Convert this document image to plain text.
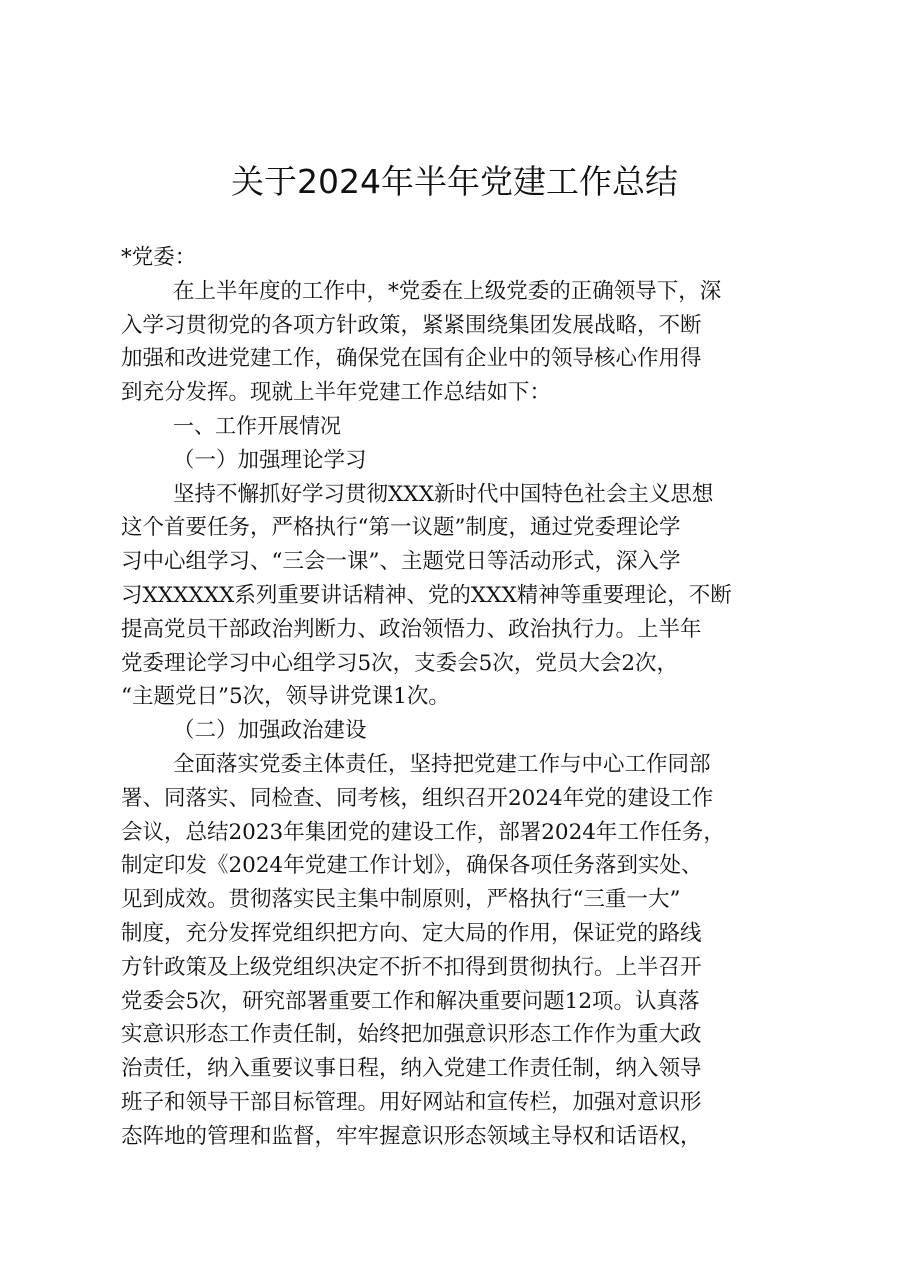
关于2024年半年党建工作总结
*党委：
在上半年度的工作中，*党委在上级党委的正确领导下，深
入学习贯彻党的各项方针政策，紧紧围绕集团发展战略，不断
加强和改进党建工作，确保党在国有企业中的领导核心作用得
到充分发挥。现就上半年党建工作总结如下：
一、工作开展情况
（一）加强理论学习
坚持不懈抓好学习贯彻XXX新时代中国特色社会主义思想
这个首要任务，严格执行“第一议题”制度，通过党委理论学
习中心组学习、“三会一课”、主题党日等活动形式，深入学
习XXXXXX系列重要讲话精神、党的XXX精神等重要理论，不断
提高党员干部政治判断力、政治领悟力、政治执行力。上半年
党委理论学习中心组学习5次，支委会5次，党员大会2次，
“主题党日”5次，领导讲党课1次。
（二）加强政治建设
全面落实党委主体责任，坚持把党建工作与中心工作同部
署、同落实、同检查、同考核，组织召开2024年党的建设工作
会议，总结2023年集团党的建设工作，部署2024年工作任务，
制定印发《2024年党建工作计划》，确保各项任务落到实处、
见到成效。贯彻落实民主集中制原则，严格执行“三重一大”
制度，充分发挥党组织把方向、定大局的作用，保证党的路线
方针政策及上级党组织决定不折不扣得到贯彻执行。上半召开
党委会5次，研究部署重要工作和解决重要问题12项。认真落
实意识形态工作责任制，始终把加强意识形态工作作为重大政
治责任，纳入重要议事日程，纳入党建工作责任制，纳入领导
班子和领导干部目标管理。用好网站和宣传栏，加强对意识形
态阵地的管理和监督，牢牢握意识形态领域主导权和话语权，
